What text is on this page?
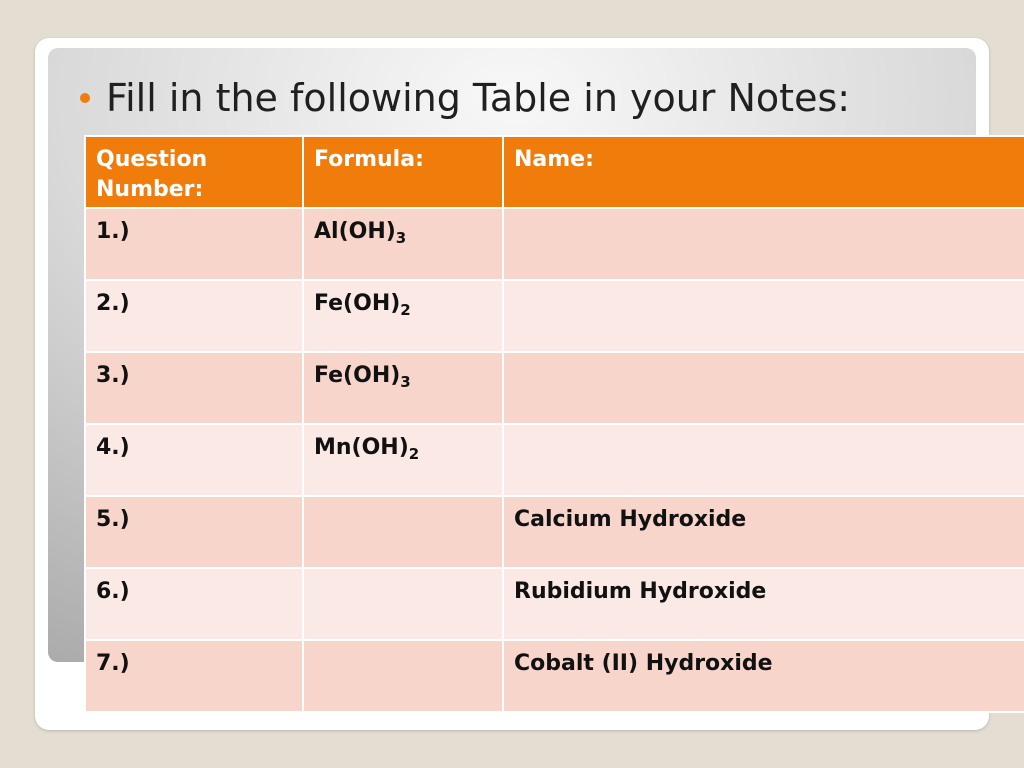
Fill in the following Table in your Notes:
Question Number:	Formula:	Name:
1.)	$Al(OH)_3$	
2.)	$Fe(OH)_2$	
3.)	$Fe(OH)_3$	
4.)	$Mn(OH)_2$	
5.)		Calcium Hydroxide
6.)		Rubidium Hydroxide
7.)		Cobalt (II) Hydroxide
